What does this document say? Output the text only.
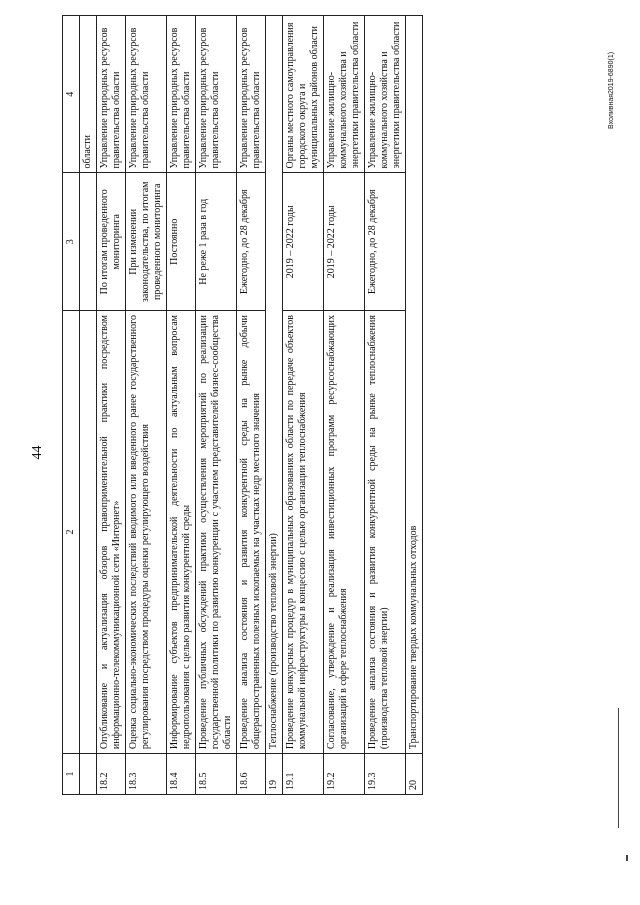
44
1	2	3	4
			области
18.2	Опубликование и актуализация обзоров правоприменительной практики посредством информационно-телекоммуникационной сети «Интернет»	По итогам проведенного мониторинга	Управление природных ресурсов правительства области
18.3	Оценка социально-экономических последствий вводимого или введенного ранее государственного регулирования посредством процедуры оценки регулирующего воздействия	При изменении законодательства, по итогам проведенного мониторинга	Управление природных ресурсов правительства области
18.4	Информирование субъектов предпринимательской деятельности по актуальным вопросам недропользования с целью развития конкурентной среды	Постоянно	Управление природных ресурсов правительства области
18.5	Проведение публичных обсуждений практики осуществления мероприятий по реализации государственной политики по развитию конкуренции с участием представителей бизнес-сообщества области	Не реже 1 раза в год	Управление природных ресурсов правительства области
18.6	Проведение анализа состояния и развития конкурентной среды на рынке добычи общераспространенных полезных ископаемых на участках недр местного значения	Ежегодно, до 28 декабря	Управление природных ресурсов правительства области
19	Теплоснабжение (производство тепловой энергии)		
19.1	Проведение конкурсных процедур в муниципальных образованиях области по передаче объектов коммунальной инфраструктуры в концессию с целью организации теплоснабжения	2019 – 2022 годы	Органы местного самоуправления городского округа и муниципальных районов области
19.2	Согласование, утверждение и реализация инвестиционных программ ресурсоснабжающих организаций в сфере теплоснабжения	2019 – 2022 годы	Управление жилищно-коммунального хозяйства и энергетики правительства области
19.3	Проведение анализа состояния и развития конкурентной среды на рынке теплоснабжения (производства тепловой энергии)	Ежегодно, до 28 декабря	Управление жилищно-коммунального хозяйства и энергетики правительства области
20	Транспортирование твердых коммунальных отходов		
Вхоливная2019-6890(1)
